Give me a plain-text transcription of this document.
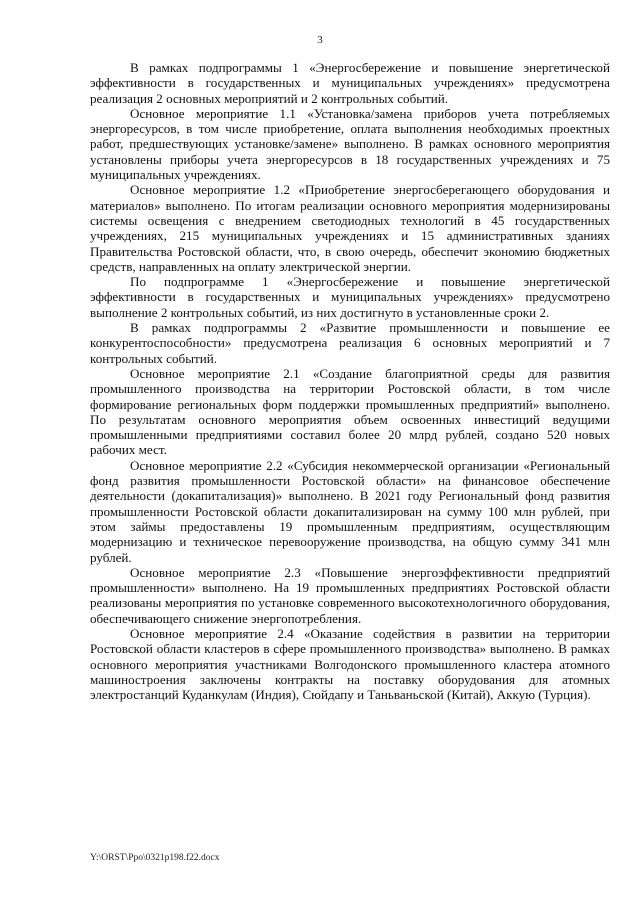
3

В рамках подпрограммы 1 «Энергосбережение и повышение энергетической эффективности в государственных и муниципальных учреждениях» предусмотрена реализация 2 основных мероприятий и 2 контрольных событий.

Основное мероприятие 1.1 «Установка/замена приборов учета потребляемых энергоресурсов, в том числе приобретение, оплата выполнения необходимых проектных работ, предшествующих установке/замене» выполнено. В рамках основного мероприятия установлены приборы учета энергоресурсов в 18 государственных учреждениях и 75 муниципальных учреждениях.

Основное мероприятие 1.2 «Приобретение энергосберегающего оборудования и материалов» выполнено. По итогам реализации основного мероприятия модернизированы системы освещения с внедрением светодиодных технологий в 45 государственных учреждениях, 215 муниципальных учреждениях и 15 административных зданиях Правительства Ростовской области, что, в свою очередь, обеспечит экономию бюджетных средств, направленных на оплату электрической энергии.

По подпрограмме 1 «Энергосбережение и повышение энергетической эффективности в государственных и муниципальных учреждениях» предусмотрено выполнение 2 контрольных событий, из них достигнуто в установленные сроки 2.

В рамках подпрограммы 2 «Развитие промышленности и повышение ее конкурентоспособности» предусмотрена реализация 6 основных мероприятий и 7 контрольных событий.

Основное мероприятие 2.1 «Создание благоприятной среды для развития промышленного производства на территории Ростовской области, в том числе формирование региональных форм поддержки промышленных предприятий» выполнено. По результатам основного мероприятия объем освоенных инвестиций ведущими промышленными предприятиями составил более 20 млрд рублей, создано 520 новых рабочих мест.

Основное мероприятие 2.2 «Субсидия некоммерческой организации «Региональный фонд развития промышленности Ростовской области» на финансовое обеспечение деятельности (докапитализация)» выполнено. В 2021 году Региональный фонд развития промышленности Ростовской области докапитализирован на сумму 100 млн рублей, при этом займы предоставлены 19 промышленным предприятиям, осуществляющим модернизацию и техническое перевооружение производства, на общую сумму 341 млн рублей.

Основное мероприятие 2.3 «Повышение энергоэффективности предприятий промышленности» выполнено. На 19 промышленных предприятиях Ростовской области реализованы мероприятия по установке современного высокотехнологичного оборудования, обеспечивающего снижение энергопотребления.

Основное мероприятие 2.4 «Оказание содействия в развитии на территории Ростовской области кластеров в сфере промышленного производства» выполнено. В рамках основного мероприятия участниками Волгодонского промышленного кластера атомного машиностроения заключены контракты на поставку оборудования для атомных электростанций Куданкулам (Индия), Сюйдапу и Таньваньской (Китай), Аккую (Турция).

Y:\ORST\Ppo\0321p198.f22.docx
